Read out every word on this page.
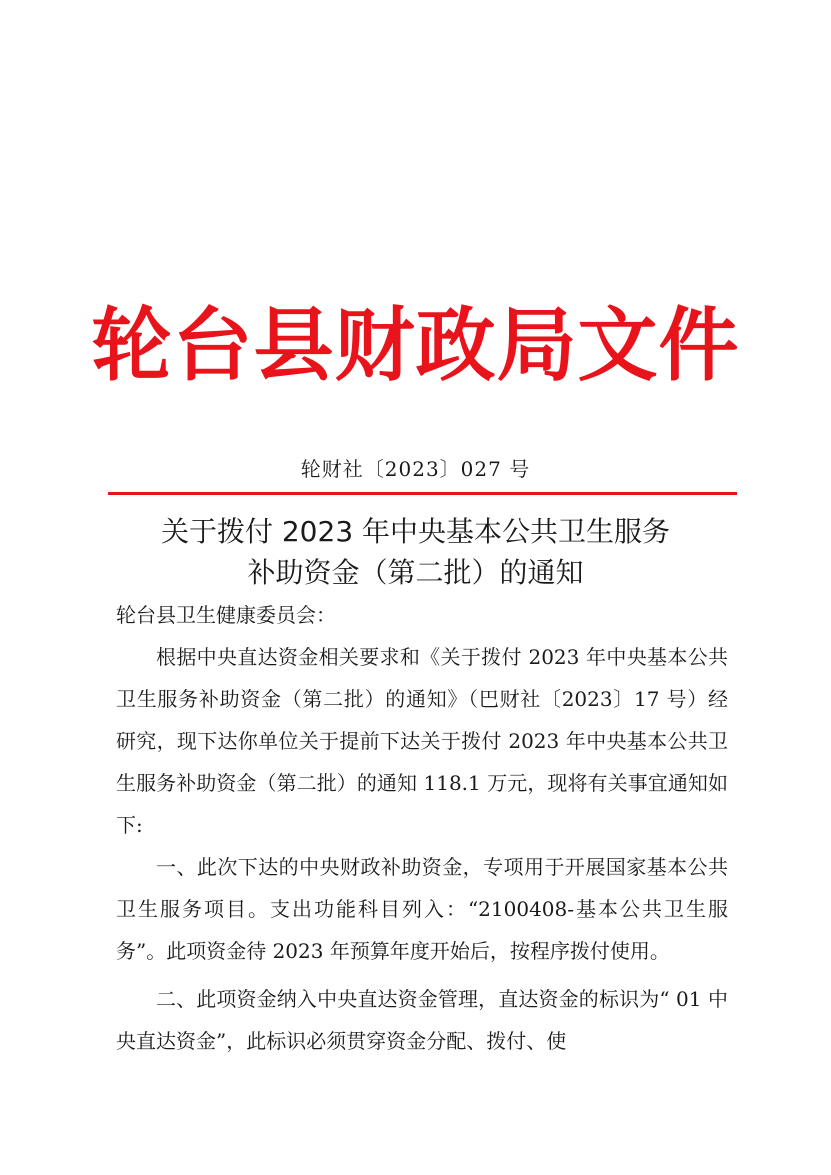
轮台县财政局文件
轮财社〔2023〕027 号
关于拨付 2023 年中央基本公共卫生服务
补助资金（第二批）的通知

轮台县卫生健康委员会：

根据中央直达资金相关要求和《关于拨付 2023 年中央基本公共卫生服务补助资金（第二批）的通知》（巴财社〔2023〕17 号）经研究，现下达你单位关于提前下达关于拨付 2023 年中央基本公共卫生服务补助资金（第二批）的通知 118.1 万元，现将有关事宜通知如下:

一、此次下达的中央财政补助资金，专项用于开展国家基本公共卫生服务项目。支出功能科目列入：“2100408-基本公共卫生服务”。此项资金待 2023 年预算年度开始后，按程序拨付使用。

二、此项资金纳入中央直达资金管理，直达资金的标识为“ 01 中央直达资金”，此标识必须贯穿资金分配、拨付、使
